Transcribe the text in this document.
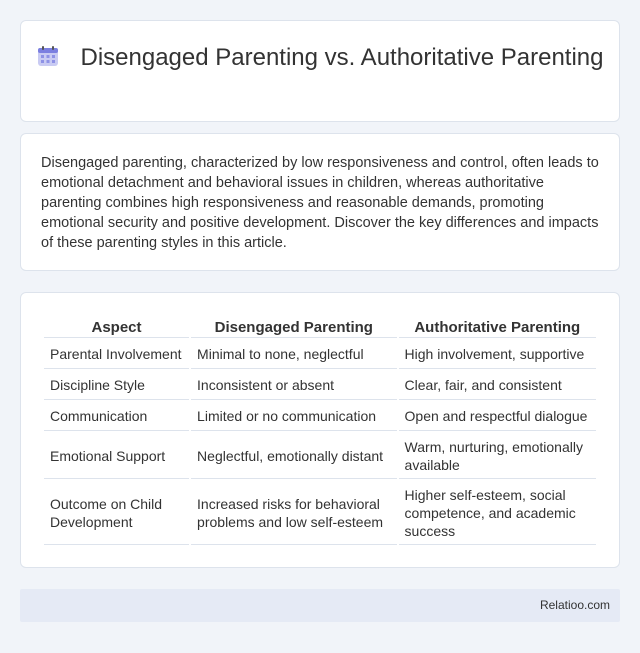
Disengaged Parenting vs. Authoritative Parenting

Disengaged parenting, characterized by low responsiveness and control, often leads to emotional detachment and behavioral issues in children, whereas authoritative parenting combines high responsiveness and reasonable demands, promoting emotional security and positive development. Discover the key differences and impacts of these parenting styles in this article.

Aspect	Disengaged Parenting	Authoritative Parenting
Parental Involvement	Minimal to none, neglectful	High involvement, supportive
Discipline Style	Inconsistent or absent	Clear, fair, and consistent
Communication	Limited or no communication	Open and respectful dialogue
Emotional Support	Neglectful, emotionally distant	Warm, nurturing, emotionally available
Outcome on Child Development	Increased risks for behavioral problems and low self-esteem	Higher self-esteem, social competence, and academic success
Relatioo.com
